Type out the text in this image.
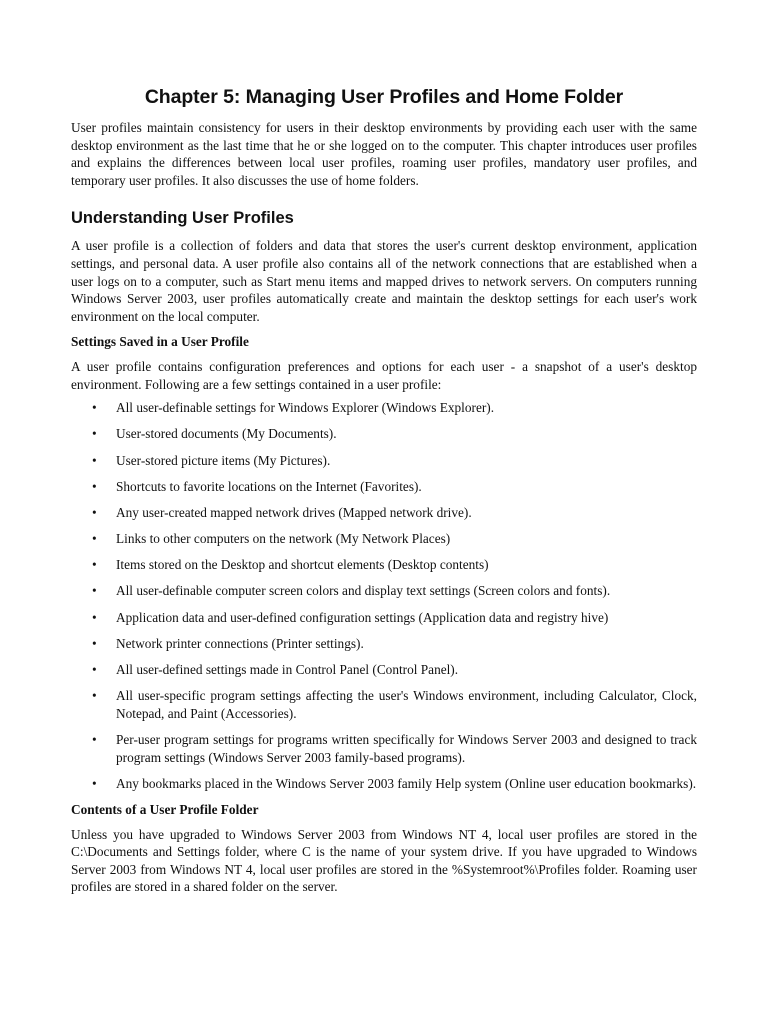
Chapter 5: Managing User Profiles and Home Folder

User profiles maintain consistency for users in their desktop environments by providing each user with the same desktop environment as the last time that he or she logged on to the computer. This chapter introduces user profiles and explains the differences between local user profiles, roaming user profiles, mandatory user profiles, and temporary user profiles. It also discusses the use of home folders.

Understanding User Profiles

A user profile is a collection of folders and data that stores the user's current desktop environment, application settings, and personal data. A user profile also contains all of the network connections that are established when a user logs on to a computer, such as Start menu items and mapped drives to network servers. On computers running Windows Server 2003, user profiles automatically create and maintain the desktop settings for each user's work environment on the local computer.

Settings Saved in a User Profile

A user profile contains configuration preferences and options for each user - a snapshot of a user's desktop environment. Following are a few settings contained in a user profile:

• All user-definable settings for Windows Explorer (Windows Explorer).
• User-stored documents (My Documents).
• User-stored picture items (My Pictures).
• Shortcuts to favorite locations on the Internet (Favorites).
• Any user-created mapped network drives (Mapped network drive).
• Links to other computers on the network (My Network Places)
• Items stored on the Desktop and shortcut elements (Desktop contents)
• All user-definable computer screen colors and display text settings (Screen colors and fonts).
• Application data and user-defined configuration settings (Application data and registry hive)
• Network printer connections (Printer settings).
• All user-defined settings made in Control Panel (Control Panel).
• All user-specific program settings affecting the user's Windows environment, including Calculator, Clock, Notepad, and Paint (Accessories).
• Per-user program settings for programs written specifically for Windows Server 2003 and designed to track program settings (Windows Server 2003 family-based programs).
• Any bookmarks placed in the Windows Server 2003 family Help system (Online user education bookmarks).
Contents of a User Profile Folder

Unless you have upgraded to Windows Server 2003 from Windows NT 4, local user profiles are stored in the C:\Documents and Settings folder, where C is the name of your system drive. If you have upgraded to Windows Server 2003 from Windows NT 4, local user profiles are stored in the %Systemroot%\Profiles folder. Roaming user profiles are stored in a shared folder on the server.
